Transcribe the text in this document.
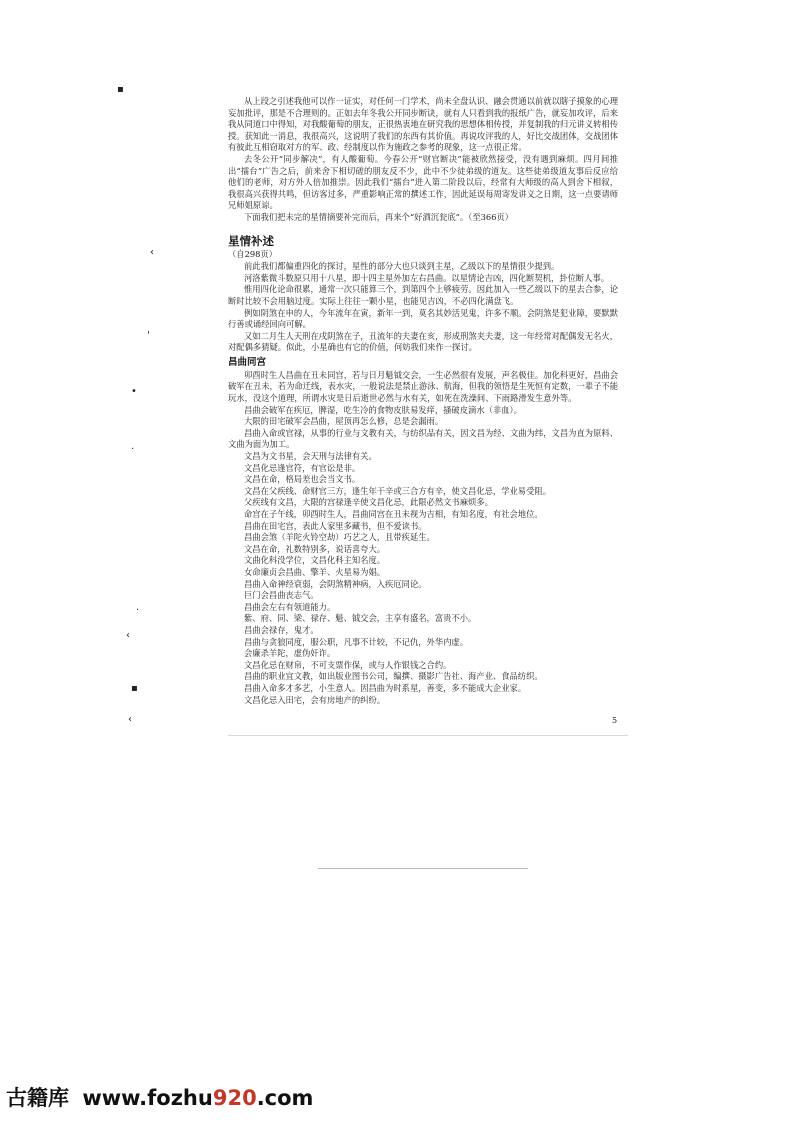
▪
‹
'
•
·
·
‹
▪
‹

从上段之引述我他可以作一证实，对任何一门学术，尚未全盘认识、融会贯通以前就以瞎子摸象的心理妄加批评，那是不合理则的。正如去年冬我公开同步断诀，就有人只看到我的报纸广告，就妄加攻评，后来我从同道口中得知，对我酸葡萄的朋友，正很热衷地在研究我的思想体相传授，并复制我的归元讲义转相传授。获知此一消息，我很高兴，这说明了我们的东西有其价值。再说攻评我的人，好比交战团体，交战团体有彼此互相窃取对方的军、政、经制度以作为施政之参考的现象，这一点很正常。

去冬公开“同步解决”，有人酸葡萄。今春公开“财官断决”能被欣然接受，没有遇到麻烦。四月间推出“擂台”广告之后，前来舍下相切磋的朋友反不少，此中不少徒弟级的道友。这些徒弟级道友事后反应给他们的老师，对方外人倍加推崇。因此我们“擂台”进入第二阶段以后，经常有大师级的高人到舍下相叙，我很高兴获得共鸣，但访客过多，严重影响正常的撰述工作，因此延误每周寄发讲义之日期，这一点要请师兄师姐原谅。

下面我们把未完的星情摘要补完而后，再来个“好酒沉瓮底”。（至366页）

星情补述
（自298页）

前此我们都偏重四化的探讨，星性的部分大也只谈到主星，乙级以下的星情很少提到。

河洛紫微斗数原只用十八星，即十四主星外加左右昌曲。以星情论吉凶，四化断契机，卦位断人事。

惟用四化论命很累，通常一次只能算三个，到第四个上够疲劳。因此加入一些乙级以下的星去合参，论断时比较不会用脑过度。实际上往往一颗小星，也能见吉凶，不必四化满盘飞。

例如阴煞在申的人，今年流年在寅，新年一到，莫名其妙活见鬼，许多不顺。会阴煞是犯业障，要默默行善或诵经回向可解。

又如二月生人天刑在戌阴煞在子，丑流年的夫妻在亥，形成刑煞夹夫妻，这一年经常对配偶发无名火，对配偶多猜疑。似此，小星确也有它的价值，何妨我们来作一探讨。

昌曲同宫

卯酉时生人昌曲在丑未同宫，若与日月魁钺交会，一生必然很有发展，声名极佳。加化科更好，昌曲会破军在丑未，若为命迁线，表水灾，一般说法是禁止游泳、航海，但我的领悟是生死恒有定数，一辈子不能玩水，没这个道理，所谓水灾是日后逝世必然与水有关，如死在洗澡间、下雨路滑发生意外等。

昌曲会破军在疾厄，脾湿，吃生冷的食物皮肤易发痒，搔破皮滴水（非血）。

大限的田宅破军会昌曲，屋顶再怎么修，总是会漏雨。

昌曲入命或官禄，从事的行业与文教有关，与纺织品有关，因文昌为经、文曲为纬，文昌为直为原料、文曲为面为加工。

文昌为文书星，会天刑与法律有关。

文昌化忌逢官符，有官讼是非。

文昌在命，格局差也会当文书。

文昌在父疾线、命财官三方，逢生年干辛或三合方有辛，使文昌化忌，学业易受阻。

父疾线有文昌，大限的宫禄逢辛使文昌化忌，此限必然文书麻烦多。

命宫在子午线，卯酉时生人，昌曲同宫在丑未视为吉相，有知名度，有社会地位。

昌曲在田宅宫，表此人家里多藏书，但不爱读书。

昌曲会煞（羊陀火铃空劫）巧艺之人，且带疾延生。

文昌在命，礼数特别多，说话喜夸大。

文曲化科没学位，文昌化科主知名度。

女命廉贞会昌曲、擎羊、火星易为娼。

昌曲入命神经衰弱，会阴煞精神病，入疾厄同论。

巨门会昌曲丧志气。

昌曲会左右有领道能力。

紫、府、同、梁、禄存、魁、钺交会，主享有盛名，富贵不小。

昌曲会禄存，鬼才。

昌曲与贪狼同度，服公职，凡事不计较，不记仇，外华内虚。

会廉杀羊陀，虚伪奸诈。

文昌化忌在财帛，不可支票作保，或与人作银钱之合约。

昌曲的职业宜文教，如出版业图书公司，编撰、摄影广告社、海产业、食品纺织。

昌曲入命多才多艺，小生意人。因昌曲为时系星，善变，多不能成大企业家。

文昌化忌入田宅，会有房地产的纠纷。

5
古籍库 www.fozhu920.com
